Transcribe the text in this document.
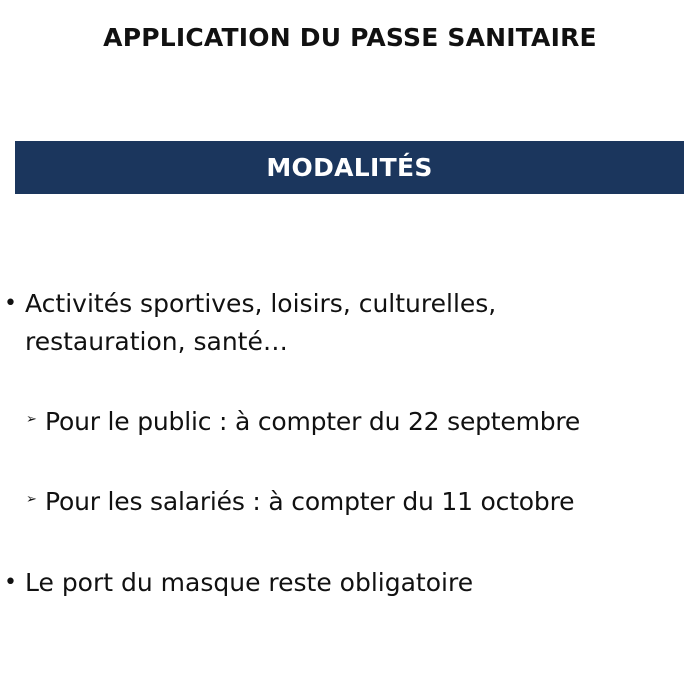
APPLICATION DU PASSE SANITAIRE
MODALITÉS
• Activités sportives, loisirs, culturelles,
restauration, santé…
➢ Pour le public : à compter du 22 septembre
➢ Pour les salariés : à compter du 11 octobre
• Le port du masque reste obligatoire
